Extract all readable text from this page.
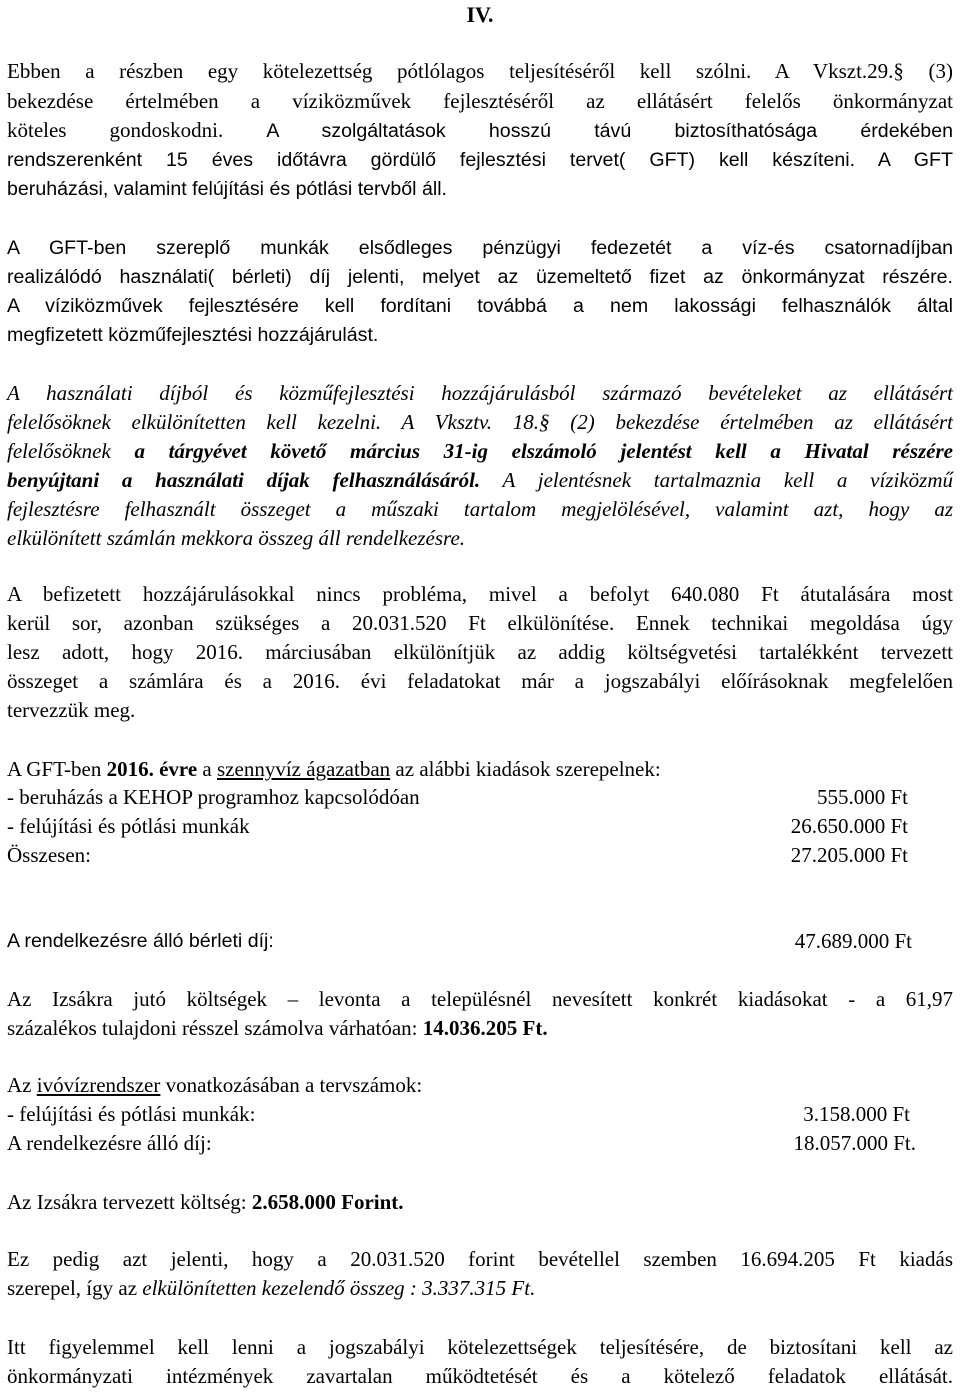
IV.
Ebben a részben egy kötelezettség pótlólagos teljesítéséről kell szólni. A Vkszt.29.§ (3)
bekezdése értelmében a víziközművek fejlesztéséről az ellátásért felelős önkormányzat
köteles gondoskodni. A szolgáltatások hosszú távú biztosíthatósága érdekében
rendszerenként 15 éves időtávra gördülő fejlesztési tervet( GFT) kell készíteni. A GFT
beruházási, valamint felújítási és pótlási tervből áll.
A GFT-ben szereplő munkák elsődleges pénzügyi fedezetét a víz-és csatornadíjban
realizálódó használati( bérleti) díj jelenti, melyet az üzemeltető fizet az önkormányzat részére.
A víziközművek fejlesztésére kell fordítani továbbá a nem lakossági felhasználók által
megfizetett közműfejlesztési hozzájárulást.
A használati díjból és közműfejlesztési hozzájárulásból származó bevételeket az ellátásért
felelősöknek elkülönítetten kell kezelni. A Vksztv. 18.§ (2) bekezdése értelmében az ellátásért
felelősöknek a tárgyévet követő március 31-ig elszámoló jelentést kell a Hivatal részére
benyújtani a használati díjak felhasználásáról. A jelentésnek tartalmaznia kell a víziközmű
fejlesztésre felhasznált összeget a műszaki tartalom megjelölésével, valamint azt, hogy az
elkülönített számlán mekkora összeg áll rendelkezésre.
A befizetett hozzájárulásokkal nincs probléma, mivel a befolyt 640.080 Ft átutalására most
kerül sor, azonban szükséges a 20.031.520 Ft elkülönítése. Ennek technikai megoldása úgy
lesz adott, hogy 2016. márciusában elkülönítjük az addig költségvetési tartalékként tervezett
összeget a számlára és a 2016. évi feladatokat már a jogszabályi előírásoknak megfelelően
tervezzük meg.
A GFT-ben 2016. évre a szennyvíz ágazatban az alábbi kiadások szerepelnek:
- beruházás a KEHOP programhoz kapcsolódóan	555.000 Ft
- felújítási és pótlási munkák	26.650.000 Ft
Összesen:	27.205.000 Ft
A rendelkezésre álló bérleti díj:	47.689.000 Ft
Az Izsákra jutó költségek – levonta a településnél nevesített konkrét kiadásokat - a 61,97
százalékos tulajdoni résszel számolva várhatóan: 14.036.205 Ft.
Az ivóvízrendszer vonatkozásában a tervszámok:
- felújítási és pótlási munkák:	3.158.000 Ft
A rendelkezésre álló díj:	18.057.000 Ft.
Az Izsákra tervezett költség: 2.658.000 Forint.
Ez pedig azt jelenti, hogy a 20.031.520 forint bevétellel szemben 16.694.205 Ft kiadás
szerepel, így az elkülönítetten kezelendő összeg : 3.337.315 Ft.
Itt figyelemmel kell lenni a jogszabályi kötelezettségek teljesítésére, de biztosítani kell az
önkormányzati intézmények zavartalan működtetését és a kötelező feladatok ellátását.
